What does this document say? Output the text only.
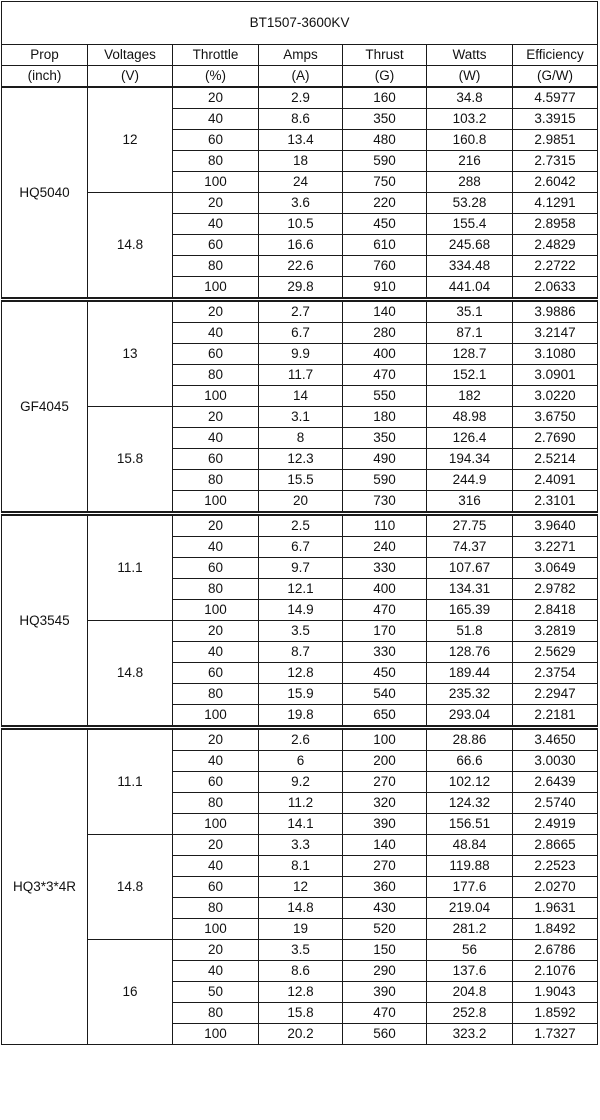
BT1507-3600KV						
Prop	Voltages	Throttle	Amps	Thrust	Watts	Efficiency
(inch)	(V)	(%)	(A)	(G)	(W)	(G/W)
HQ5040	12	20	2.9	160	34.8	4.5977
		40	8.6	350	103.2	3.3915
		60	13.4	480	160.8	2.9851
		80	18	590	216	2.7315
		100	24	750	288	2.6042
	14.8	20	3.6	220	53.28	4.1291
		40	10.5	450	155.4	2.8958
		60	16.6	610	245.68	2.4829
		80	22.6	760	334.48	2.2722
		100	29.8	910	441.04	2.0633
GF4045	13	20	2.7	140	35.1	3.9886
		40	6.7	280	87.1	3.2147
		60	9.9	400	128.7	3.1080
		80	11.7	470	152.1	3.0901
		100	14	550	182	3.0220
	15.8	20	3.1	180	48.98	3.6750
		40	8	350	126.4	2.7690
		60	12.3	490	194.34	2.5214
		80	15.5	590	244.9	2.4091
		100	20	730	316	2.3101
HQ3545	11.1	20	2.5	110	27.75	3.9640
		40	6.7	240	74.37	3.2271
		60	9.7	330	107.67	3.0649
		80	12.1	400	134.31	2.9782
		100	14.9	470	165.39	2.8418
	14.8	20	3.5	170	51.8	3.2819
		40	8.7	330	128.76	2.5629
		60	12.8	450	189.44	2.3754
		80	15.9	540	235.32	2.2947
		100	19.8	650	293.04	2.2181
HQ3*3*4R	11.1	20	2.6	100	28.86	3.4650
		40	6	200	66.6	3.0030
		60	9.2	270	102.12	2.6439
		80	11.2	320	124.32	2.5740
		100	14.1	390	156.51	2.4919
	14.8	20	3.3	140	48.84	2.8665
		40	8.1	270	119.88	2.2523
		60	12	360	177.6	2.0270
		80	14.8	430	219.04	1.9631
		100	19	520	281.2	1.8492
	16	20	3.5	150	56	2.6786
		40	8.6	290	137.6	2.1076
		50	12.8	390	204.8	1.9043
		80	15.8	470	252.8	1.8592
		100	20.2	560	323.2	1.7327
